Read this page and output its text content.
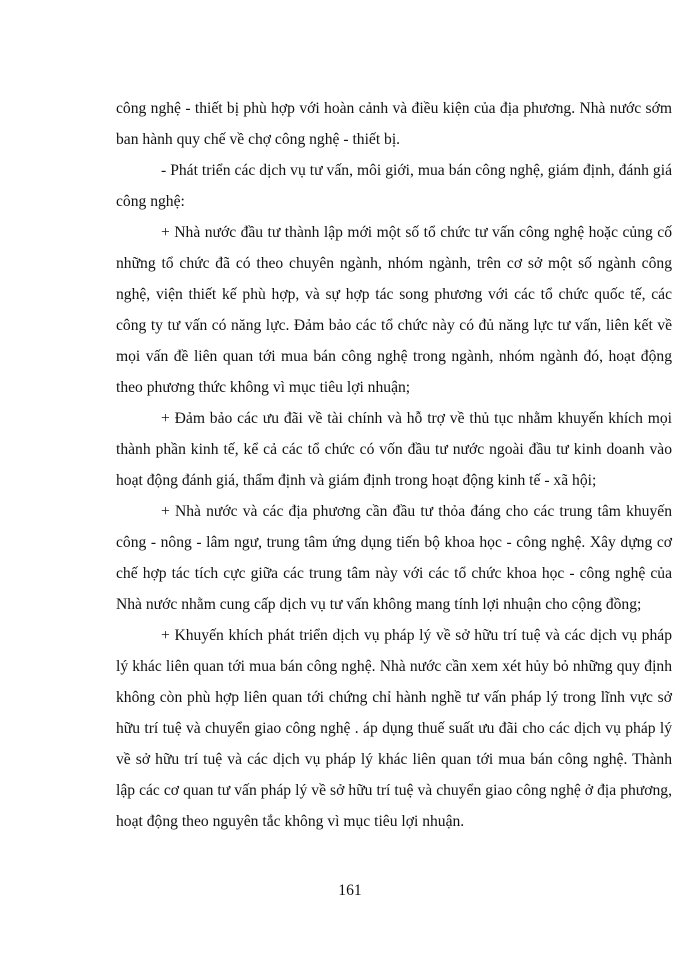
công nghệ - thiết bị phù hợp với hoàn cảnh và điều kiện của địa phương. Nhà nước sớm ban hành quy chế về chợ công nghệ - thiết bị.

- Phát triển các dịch vụ tư vấn, môi giới, mua bán công nghệ, giám định, đánh giá công nghệ:

+ Nhà nước đầu tư thành lập mới một số tổ chức tư vấn công nghệ hoặc củng cố những tổ chức đã có theo chuyên ngành, nhóm ngành, trên cơ sở một số ngành công nghệ, viện thiết kế phù hợp, và sự hợp tác song phương với các tổ chức quốc tế, các công ty tư vấn có năng lực. Đảm bảo các tổ chức này có đủ năng lực tư vấn, liên kết về mọi vấn đề liên quan tới mua bán công nghệ trong ngành, nhóm ngành đó, hoạt động theo phương thức không vì mục tiêu lợi nhuận;

+ Đảm bảo các ưu đãi về tài chính và hỗ trợ về thủ tục nhằm khuyến khích mọi thành phần kinh tế, kể cả các tổ chức có vốn đầu tư nước ngoài đầu tư kinh doanh vào hoạt động đánh giá, thẩm định và giám định trong hoạt động kinh tế - xã hội;

+ Nhà nước và các địa phương cần đầu tư thỏa đáng cho các trung tâm khuyến công - nông - lâm ngư, trung tâm ứng dụng tiến bộ khoa học - công nghệ. Xây dựng cơ chế hợp tác tích cực giữa các trung tâm này với các tổ chức khoa học - công nghệ của Nhà nước nhằm cung cấp dịch vụ tư vấn không mang tính lợi nhuận cho cộng đồng;

+ Khuyến khích phát triển dịch vụ pháp lý về sở hữu trí tuệ và các dịch vụ pháp lý khác liên quan tới mua bán công nghệ. Nhà nước cần xem xét hủy bỏ những quy định không còn phù hợp liên quan tới chứng chỉ hành nghề tư vấn pháp lý trong lĩnh vực sở hữu trí tuệ và chuyển giao công nghệ . áp dụng thuế suất ưu đãi cho các dịch vụ pháp lý về sở hữu trí tuệ và các dịch vụ pháp lý khác liên quan tới mua bán công nghệ. Thành lập các cơ quan tư vấn pháp lý về sở hữu trí tuệ và chuyển giao công nghệ ở địa phương, hoạt động theo nguyên tắc không vì mục tiêu lợi nhuận.

161
